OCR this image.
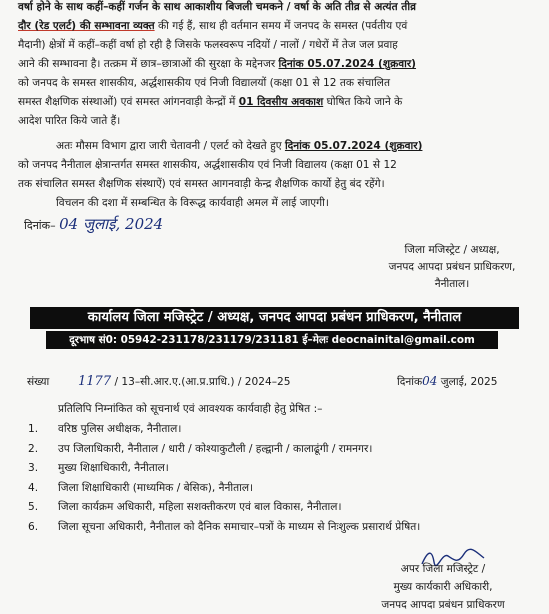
वर्षा होने के साथ कहीं–कहीं गर्जन के साथ आकाशीय बिजली चमकने / वर्षा के अति तीव्र से अत्यंत तीव्र

दौर (रेड एलर्ट) की सम्भावना व्यक्त की गई हैं, साथ ही वर्तमान समय में जनपद के समस्त (पर्वतीय एवं

मैदानी) क्षेत्रों में कहीं–कहीं वर्षा हो रही है जिसके फलस्वरूप नदियों / नालों / गधेरों में तेज जल प्रवाह

आने की सम्भावना है। तत्क्रम में छात्र–छात्राओं की सुरक्षा के मद्देनजर दिनांक 05.07.2024 (शुक्रवार)

को जनपद के समस्त शासकीय, अर्द्धशासकीय एवं निजी विद्यालयों (कक्षा 01 से 12 तक संचालित

समस्त शैक्षणिक संस्थाओं) एवं समस्त आंगनवाड़ी केन्द्रों में 01 दिवसीय अवकाश घोषित किये जाने के

आदेश पारित किये जाते हैं।

अतः मौसम विभाग द्वारा जारी चेतावनी / एलर्ट को देखते हुए दिनांक 05.07.2024 (शुक्रवार)

को जनपद नैनीताल क्षेत्रान्तर्गत समस्त शासकीय, अर्द्धशासकीय एवं निजी विद्यालय (कक्षा 01 से 12

तक संचालित समस्त शैक्षणिक संस्थाऐं) एवं समस्त आगनवाड़ी केन्द्र शैक्षणिक कार्यो हेतु बंद रहेंगे।

विचलन की दशा में सम्बन्धित के विरूद्ध कार्यवाही अमल में लाई जाएगी।

दिनांक– 04 जुलाई, 2024
जिला मजिस्ट्रेट / अध्यक्ष,
जनपद आपदा प्रबंधन प्राधिकरण,
नैनीताल।
कार्यालय जिला मजिस्ट्रेट / अध्यक्ष, जनपद आपदा प्रबंधन प्राधिकरण, नैनीताल
दूरभाष सं0: 05942-231178/231179/231181 ई–मेलः deocnainital@gmail.com
संख्या 1177 / 13–सी.आर.ए.(आ.प्र.प्राधि.) / 2024–25	दिनांक04 जुलाई, 2025
प्रतिलिपि निम्नांकित को सूचनार्थ एवं आवश्यक कार्यवाही हेतु प्रेषित :–
1. वरिष्ठ पुलिस अधीक्षक, नैनीताल।
2. उप जिलाधिकारी, नैनीताल / धारी / कोश्याकुटौली / हल्द्वानी / कालाढूंगी / रामनगर।
3. मुख्य शिक्षाधिकारी, नैनीताल।
4. जिला शिक्षाधिकारी (माध्यमिक / बेसिक), नैनीताल।
5. जिला कार्यक्रम अधिकारी, महिला सशक्तीकरण एवं बाल विकास, नैनीताल।
6. जिला सूचना अधिकारी, नैनीताल को दैनिक समाचार–पत्रों के माध्यम से निःशुल्क प्रसारार्थ प्रेषित।
अपर जिला मजिस्ट्रेट /
मुख्य कार्यकारी अधिकारी,
जनपद आपदा प्रबंधन प्राधिकरण
